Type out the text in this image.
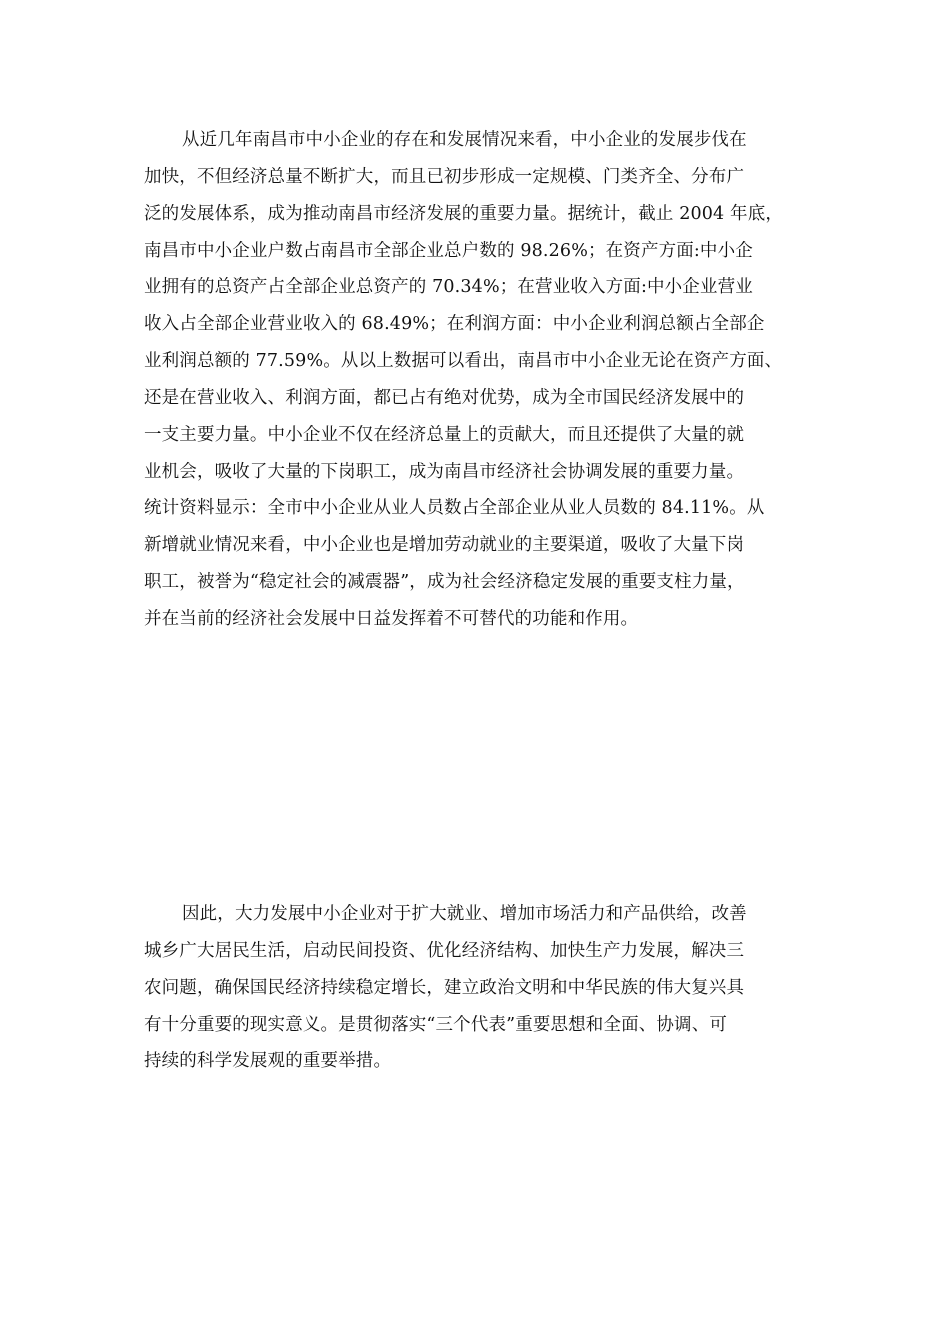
从近几年南昌市中小企业的存在和发展情况来看，中小企业的发展步伐在
加快，不但经济总量不断扩大，而且已初步形成一定规模、门类齐全、分布广
泛的发展体系，成为推动南昌市经济发展的重要力量。据统计，截止 2004 年底，
南昌市中小企业户数占南昌市全部企业总户数的 98.26%；在资产方面:中小企
业拥有的总资产占全部企业总资产的 70.34%；在营业收入方面:中小企业营业
收入占全部企业营业收入的 68.49%；在利润方面：中小企业利润总额占全部企
业利润总额的 77.59%。从以上数据可以看出，南昌市中小企业无论在资产方面、
还是在营业收入、利润方面，都已占有绝对优势，成为全市国民经济发展中的
一支主要力量。中小企业不仅在经济总量上的贡献大，而且还提供了大量的就
业机会，吸收了大量的下岗职工，成为南昌市经济社会协调发展的重要力量。
统计资料显示：全市中小企业从业人员数占全部企业从业人员数的 84.11%。从
新增就业情况来看，中小企业也是增加劳动就业的主要渠道，吸收了大量下岗
职工，被誉为“稳定社会的减震器”，成为社会经济稳定发展的重要支柱力量，
并在当前的经济社会发展中日益发挥着不可替代的功能和作用。
因此，大力发展中小企业对于扩大就业、增加市场活力和产品供给，改善
城乡广大居民生活，启动民间投资、优化经济结构、加快生产力发展，解决三
农问题，确保国民经济持续稳定增长，建立政治文明和中华民族的伟大复兴具
有十分重要的现实意义。是贯彻落实“三个代表”重要思想和全面、协调、可
持续的科学发展观的重要举措。
